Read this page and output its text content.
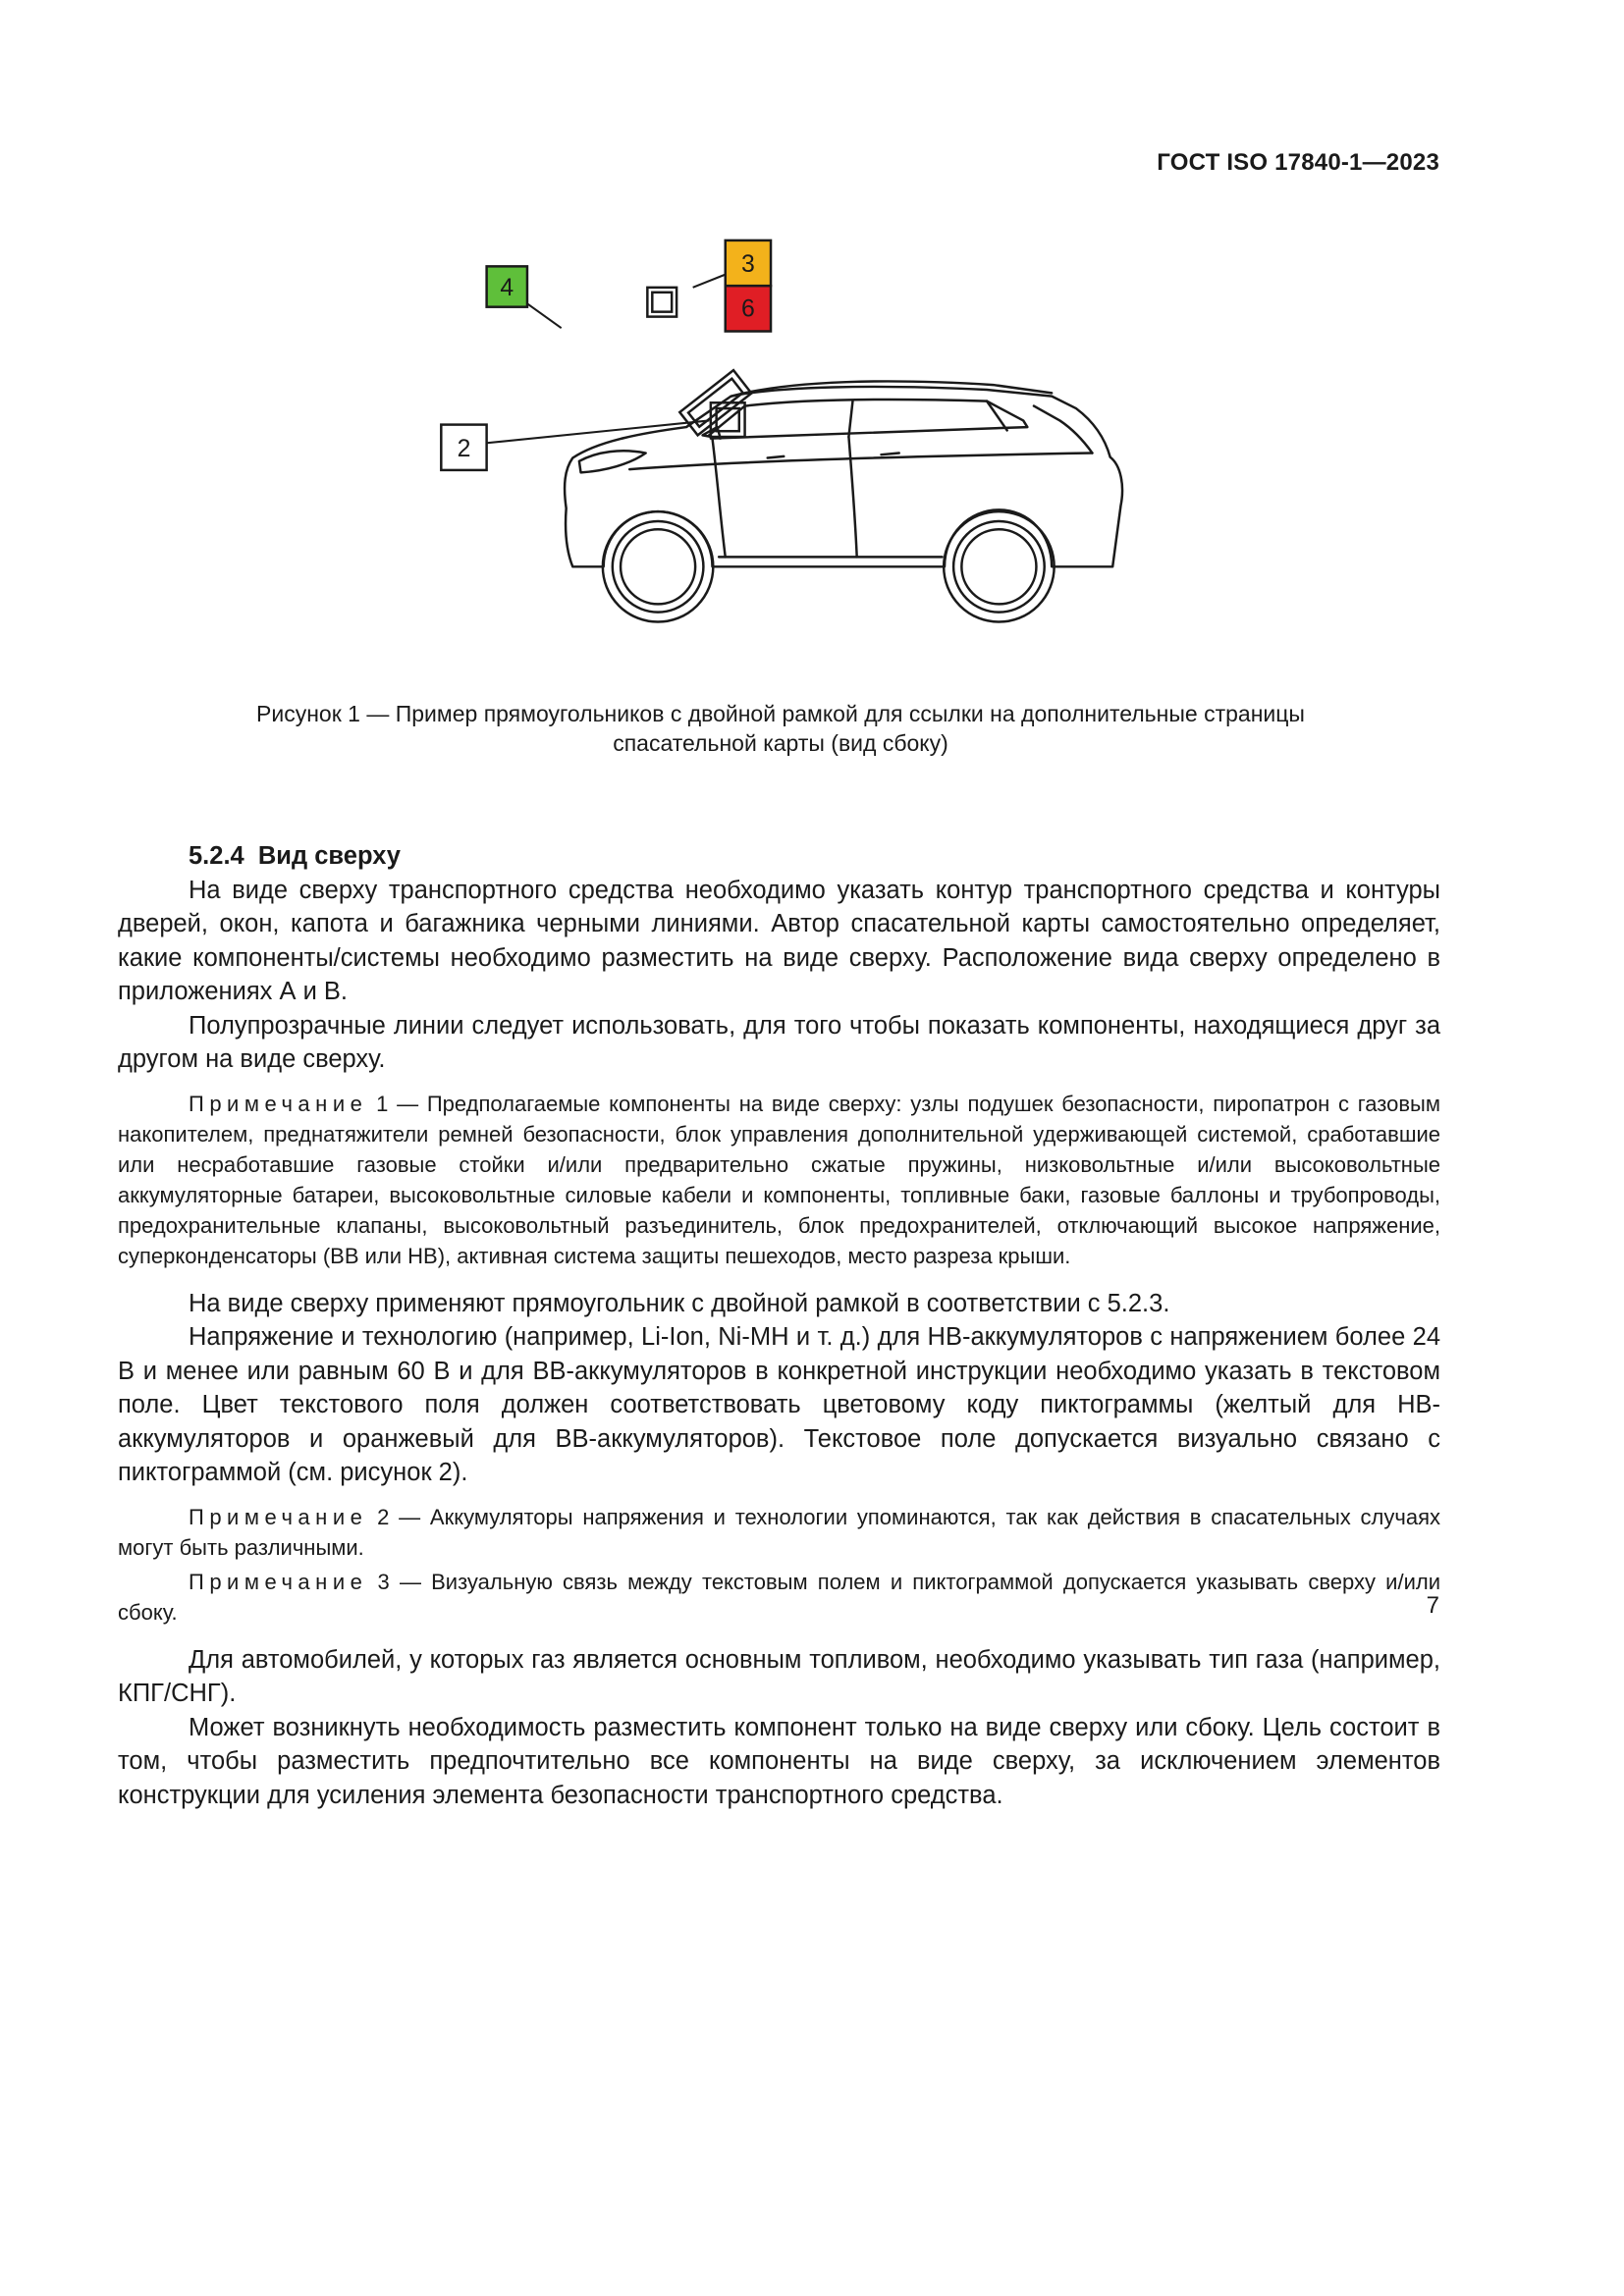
ГОСТ ISO 17840-1—2023
4
3
6
2
Рисунок 1 — Пример прямоугольников с двойной рамкой для ссылки на дополнительные страницы
спасательной карты (вид сбоку)

5.2.4 Вид сверху

На виде сверху транспортного средства необходимо указать контур транспортного средства и контуры дверей, окон, капота и багажника черными линиями. Автор спасательной карты самостоятельно определяет, какие компоненты/системы необходимо разместить на виде сверху. Расположение вида сверху определено в приложениях А и В.

Полупрозрачные линии следует использовать, для того чтобы показать компоненты, находящиеся друг за другом на виде сверху.

Примечание 1 — Предполагаемые компоненты на виде сверху: узлы подушек безопасности, пиропатрон с газовым накопителем, преднатяжители ремней безопасности, блок управления дополнительной удерживающей системой, сработавшие или несработавшие газовые стойки и/или предварительно сжатые пружины, низковольтные и/или высоковольтные аккумуляторные батареи, высоковольтные силовые кабели и компоненты, топливные баки, газовые баллоны и трубопроводы, предохранительные клапаны, высоковольтный разъединитель, блок предохранителей, отключающий высокое напряжение, суперконденсаторы (ВВ или НВ), активная система защиты пешеходов, место разреза крыши.

На виде сверху применяют прямоугольник с двойной рамкой в соответствии с 5.2.3.

Напряжение и технологию (например, Li-Ion, Ni-MH и т. д.) для НВ-аккумуляторов с напряжением более 24 В и менее или равным 60 В и для ВВ-аккумуляторов в конкретной инструкции необходимо указать в текстовом поле. Цвет текстового поля должен соответствовать цветовому коду пиктограммы (желтый для НВ-аккумуляторов и оранжевый для ВВ-аккумуляторов). Текстовое поле допускается визуально связано с пиктограммой (см. рисунок 2).

Примечание 2 — Аккумуляторы напряжения и технологии упоминаются, так как действия в спасательных случаях могут быть различными.

Примечание 3 — Визуальную связь между текстовым полем и пиктограммой допускается указывать сверху и/или сбоку.

Для автомобилей, у которых газ является основным топливом, необходимо указывать тип газа (например, КПГ/СНГ).

Может возникнуть необходимость разместить компонент только на виде сверху или сбоку. Цель состоит в том, чтобы разместить предпочтительно все компоненты на виде сверху, за исключением элементов конструкции для усиления элемента безопасности транспортного средства.

7
